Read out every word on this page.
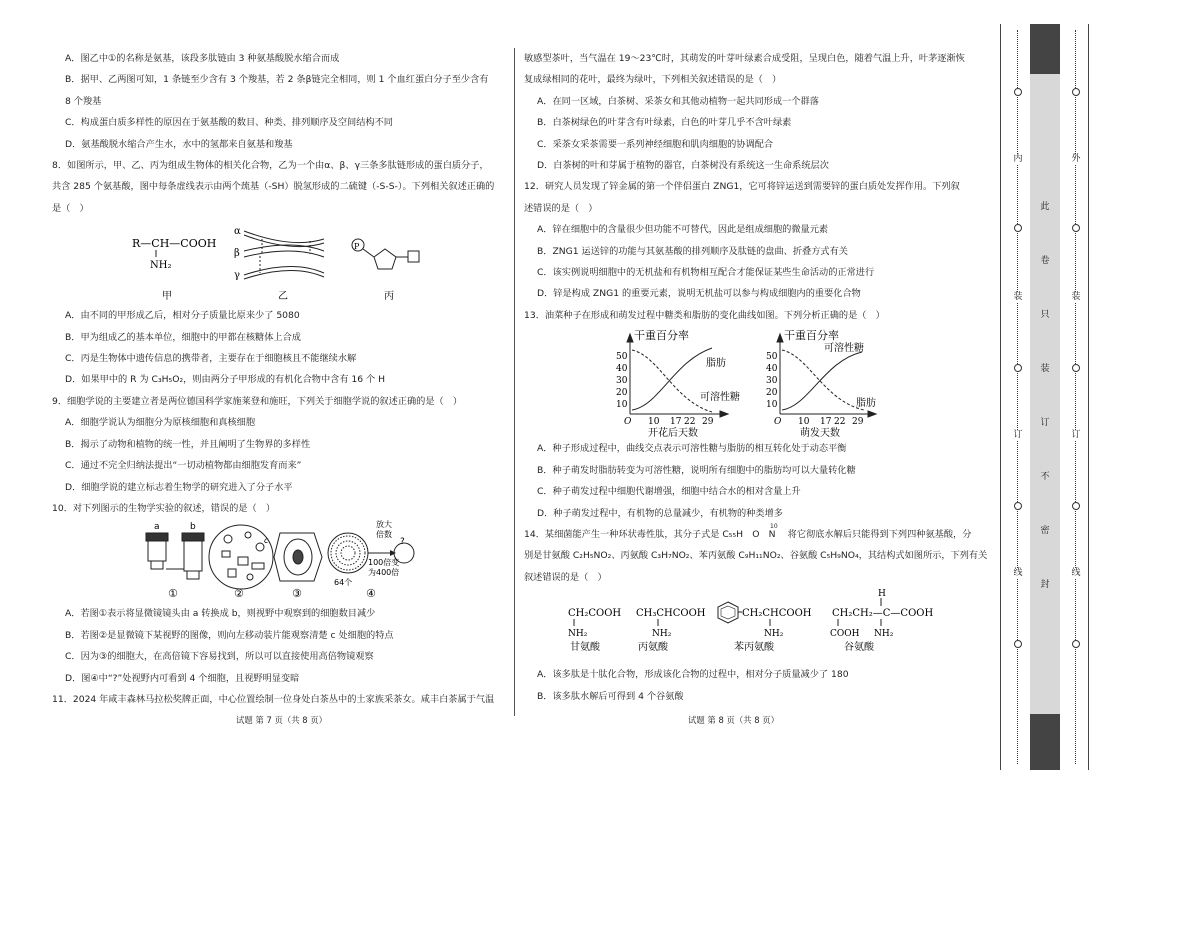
A．图乙中①的名称是氨基，该段多肽链由 3 种氨基酸脱水缩合而成

B．据甲、乙两图可知，1 条链至少含有 3 个羧基，若 2 条β链完全相同，则 1 个血红蛋白分子至少含有

8 个羧基

C．构成蛋白质多样性的原因在于氨基酸的数目、种类、排列顺序及空间结构不同

D．氨基酸脱水缩合产生水，水中的氢都来自氨基和羧基

8．如图所示，甲、乙、丙为组成生物体的相关化合物，乙为一个由α、β、γ三条多肽链形成的蛋白质分子，

共含 285 个氨基酸，图中每条虚线表示由两个巯基（-SH）脱氢形成的二硫键（-S-S-）。下列相关叙述正确的

是（　）

R—CH—COOH
NH₂
甲
α
β
γ
乙
P
丙

A．由不同的甲形成乙后，相对分子质量比原来少了 5080

B．甲为组成乙的基本单位，细胞中的甲都在核糖体上合成

C．丙是生物体中遗传信息的携带者，主要存在于细胞核且不能继续水解

D．如果甲中的 R 为 C₃H₅O₂，则由两分子甲形成的有机化合物中含有 16 个 H

9．细胞学说的主要建立者是两位德国科学家施莱登和施旺，下列关于细胞学说的叙述正确的是（　）

A．细胞学说认为细胞分为原核细胞和真核细胞

B．揭示了动物和植物的统一性，并且阐明了生物界的多样性

C．通过不完全归纳法提出“一切动植物都由细胞发育而来”

D．细胞学说的建立标志着生物学的研究进入了分子水平

10．对下列图示的生物学实验的叙述，错误的是（　）

a	b
①
c
②	③
放大
倍数
100倍变
为400倍
?
64个
④

A．若图①表示将显微镜镜头由 a 转换成 b，则视野中观察到的细胞数目减少

B．若图②是显微镜下某视野的图像，则向左移动装片能观察清楚 c 处细胞的特点

C．因为③的细胞大，在高倍镜下容易找到，所以可以直接使用高倍物镜观察

D．图④中“?”处视野内可看到 4 个细胞，且视野明显变暗

11．2024 年咸丰森林马拉松奖牌正面，中心位置绘制一位身处白茶丛中的土家族采茶女。咸丰白茶属于气温

试题 第 7 页（共 8 页）

敏感型茶叶，当气温在 19～23℃时，其萌发的叶芽叶绿素合成受阻，呈现白色，随着气温上升，叶茅逐渐恢

复成绿相同的花叶，最终为绿叶，下列相关叙述错误的是（　）

A．在同一区域，白茶树、采茶女和其他动植物一起共同形成一个群落

B．白茶树绿色的叶芽含有叶绿素，白色的叶芽几乎不含叶绿素

C．采茶女采茶需要一系列神经细胞和肌肉细胞的协调配合

D．白茶树的叶和芽属于植物的器官，白茶树没有系统这一生命系统层次

12．研究人员发现了锌金属的第一个伴侣蛋白 ZNG1，它可将锌运送到需要锌的蛋白质处发挥作用。下列叙

述错误的是（　）

A．锌在细胞中的含量很少但功能不可替代，因此是组成细胞的微量元素

B．ZNG1 运送锌的功能与其氨基酸的排列顺序及肽链的盘曲、折叠方式有关

C．该实例说明细胞中的无机盐和有机物相互配合才能保证某些生命活动的正常进行

D．锌是构成 ZNG1 的重要元素，说明无机盐可以参与构成细胞内的重要化合物

13．油菜种子在形成和萌发过程中糖类和脂肪的变化曲线如图。下列分析正确的是（　）

干重百分率
50
40
30
20
10
O 10 17 22 29
脂肪
可溶性糖
开花后天数
干重百分率
50
40
30
20
10
O 10 17 22 29
可溶性糖
脂肪
萌发天数

A．种子形成过程中，曲线交点表示可溶性糖与脂肪的相互转化处于动态平衡

B．种子萌发时脂肪转变为可溶性糖，说明所有细胞中的脂肪均可以大量转化糖

C．种子萌发过程中细胞代谢增强，细胞中结合水的相对含量上升

D．种子萌发过程中，有机物的总量减少，有机物的种类增多

14．某细菌能产生一种环状毒性肽，其分子式是 C₅₅H　O　N　 将它彻底水解后只能得到下列四种氨基酸，分
10

别是甘氨酸 C₂H₅NO₂、丙氨酸 C₃H₇NO₂、苯丙氨酸 C₉H₁₁NO₂、谷氨酸 C₅H₉NO₄，其结构式如图所示，下列有关

叙述错误的是（　）

CH₂COOH
NH₂
甘氨酸
CH₃CHCOOH
NH₂
丙氨酸
CH₂CHCOOH
NH₂
苯丙氨酸
H
CH₂CH₂—C—COOH
COOH NH₂
谷氨酸

A．该多肽是十肽化合物，形成该化合物的过程中，相对分子质量减少了 180

B．该多肽水解后可得到 4 个谷氨酸

试题 第 8 页（共 8 页）
内
装
订
线
外
装
订
线
此
卷
只
装
订
不
密
封
